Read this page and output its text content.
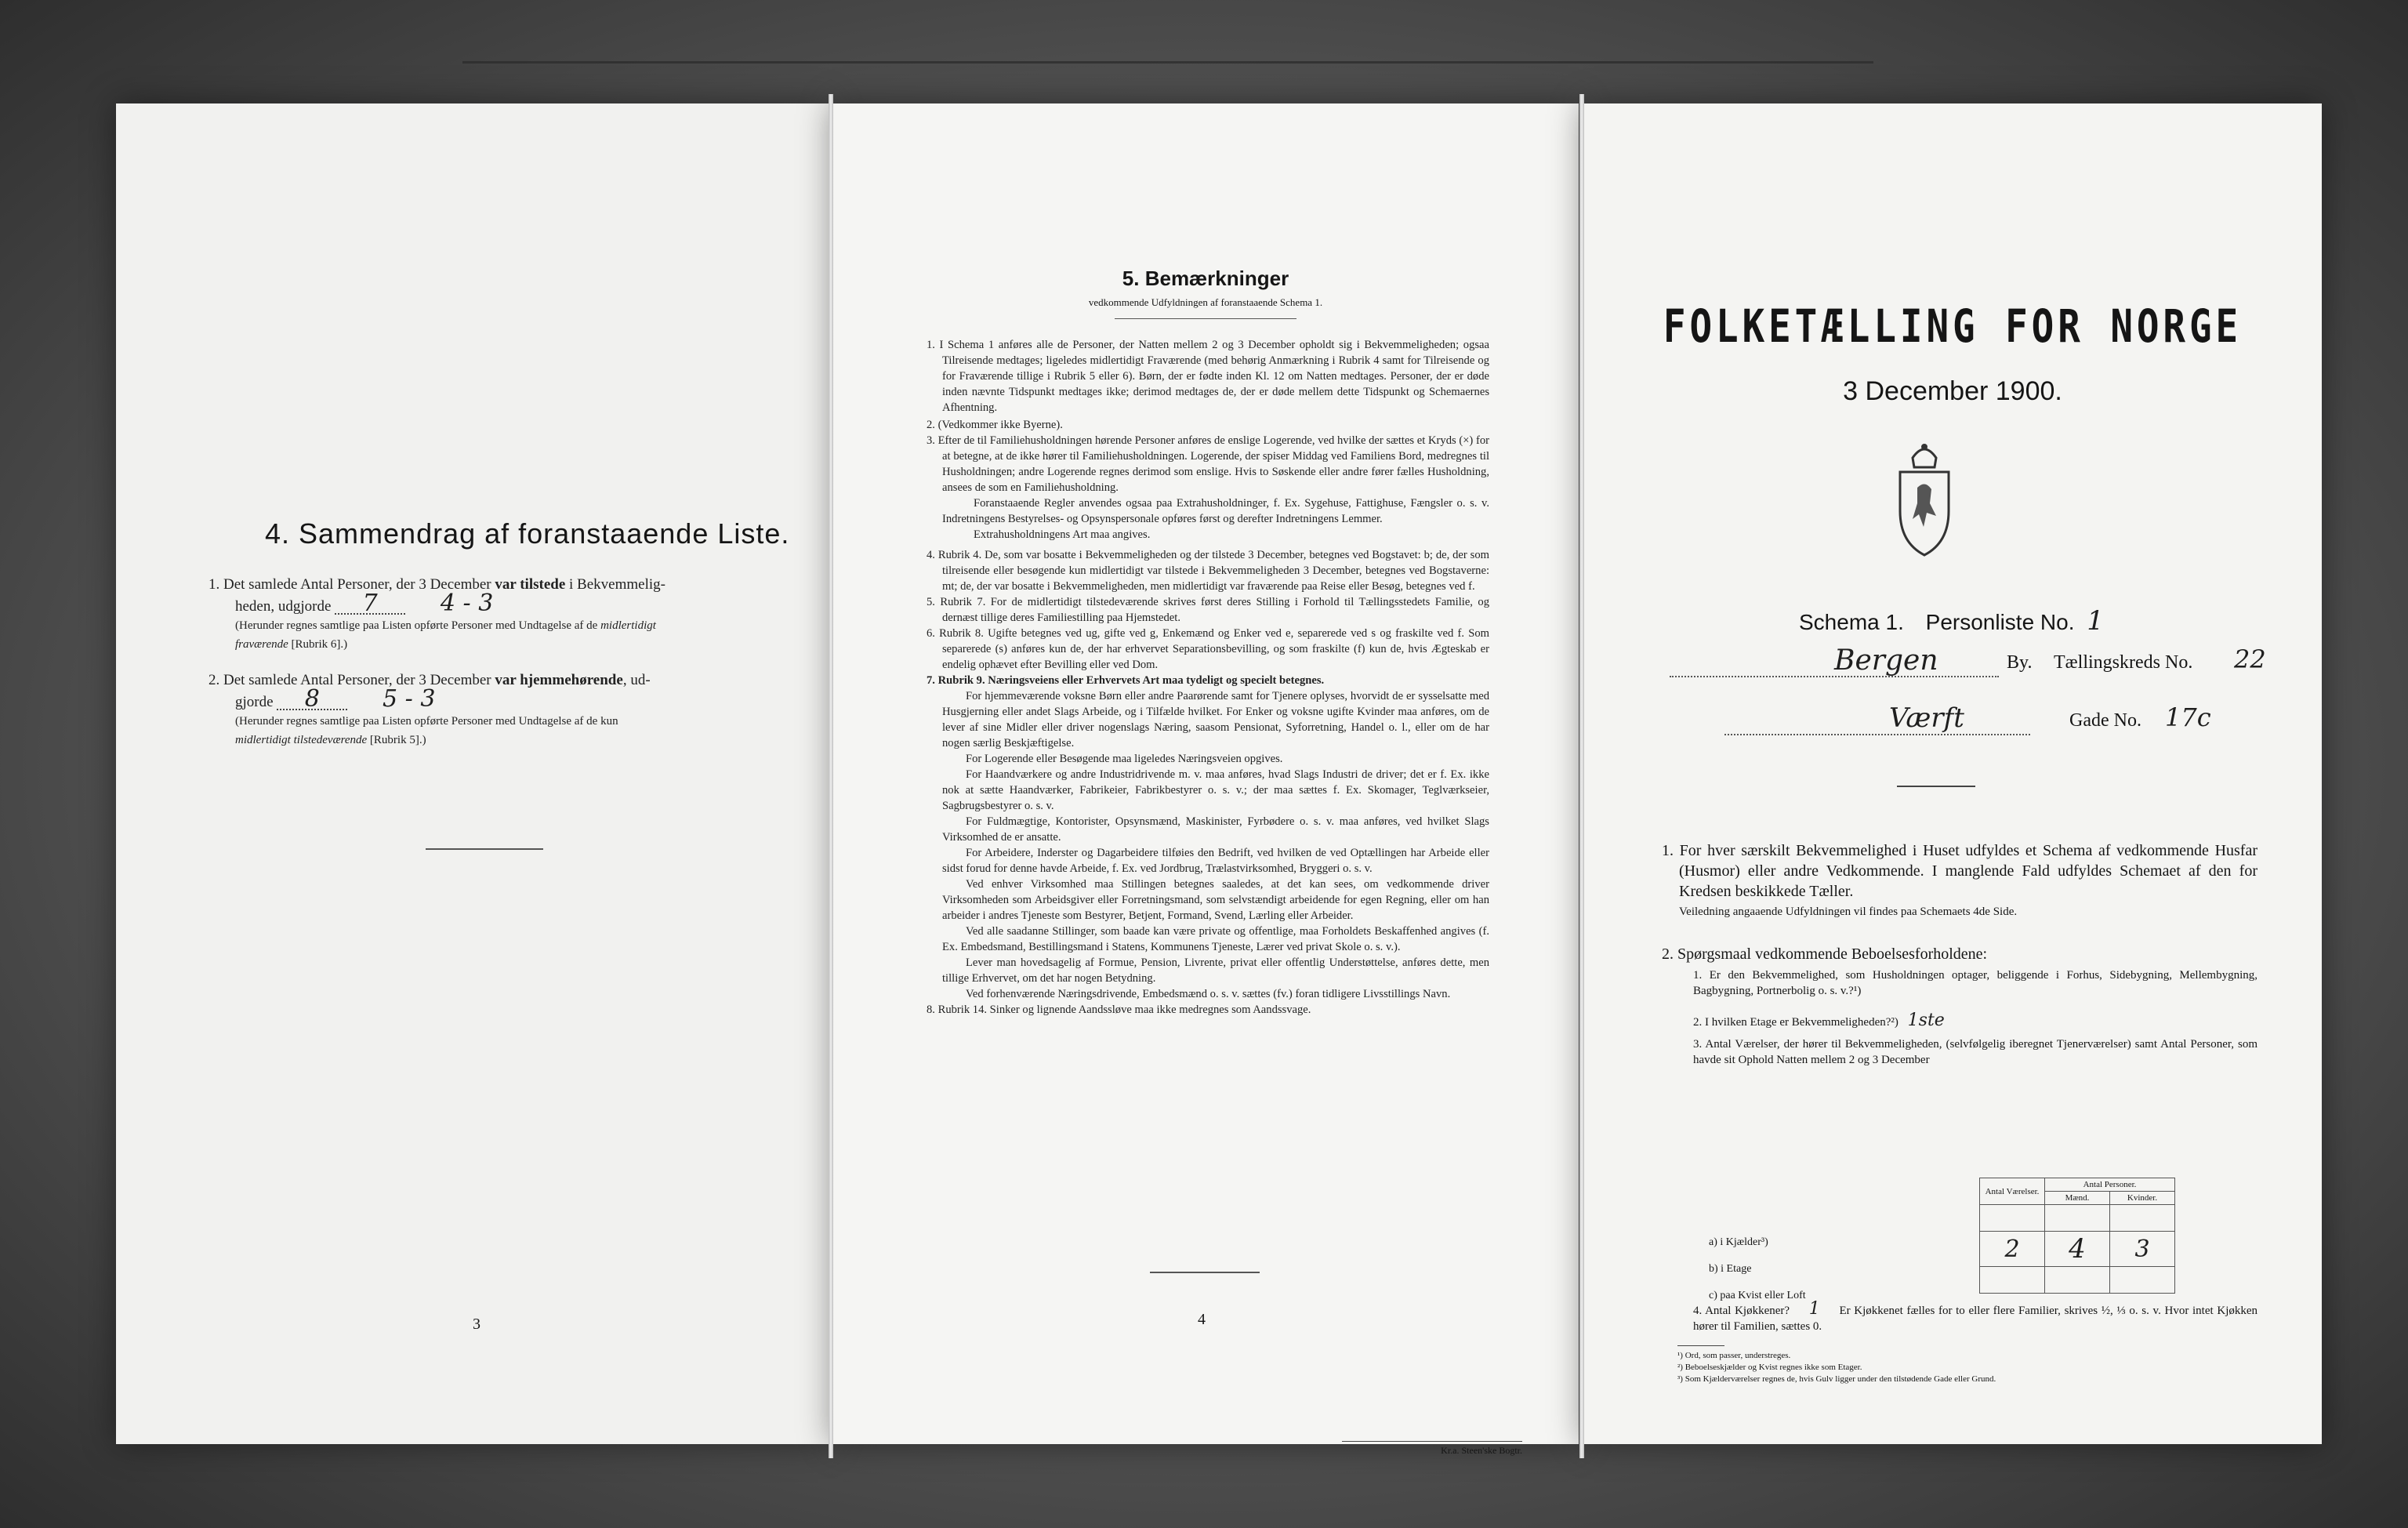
4. Sammendrag af foranstaaende Liste.
1. Det samlede Antal Personer, der 3 December var tilstede i Bekvemmelig-
heden, udgjorde 7	4 - 3
(Herunder regnes samtlige paa Listen opførte Personer med Undtagelse af de midlertidigt
fraværende [Rubrik 6].)
2. Det samlede Antal Personer, der 3 December var hjemmehørende, ud-
gjorde 8	5 - 3
(Herunder regnes samtlige paa Listen opførte Personer med Undtagelse af de kun
midlertidigt tilstedeværende [Rubrik 5].)
3
5. Bemærkninger
vedkommende Udfyldningen af foranstaaende Schema 1.
1. I Schema 1 anføres alle de Personer, der Natten mellem 2 og 3 December opholdt sig i Bekvemmeligheden; ogsaa Tilreisende medtages; ligeledes midlertidigt Fraværende (med behørig Anmærkning i Rubrik 4 samt for Tilreisende og for Fraværende tillige i Rubrik 5 eller 6). Børn, der er fødte inden Kl. 12 om Natten medtages. Personer, der er døde inden nævnte Tidspunkt medtages ikke; derimod medtages de, der er døde mellem dette Tidspunkt og Schemaernes Afhentning.
2. (Vedkommer ikke Byerne).
3. Efter de til Familiehusholdningen hørende Personer anføres de enslige Logerende, ved hvilke der sættes et Kryds (×) for at betegne, at de ikke hører til Familiehusholdningen. Logerende, der spiser Middag ved Familiens Bord, medregnes til Husholdningen; andre Logerende regnes derimod som enslige. Hvis to Søskende eller andre fører fælles Husholdning, ansees de som en Familiehusholdning.
Foranstaaende Regler anvendes ogsaa paa Extrahusholdninger, f. Ex. Sygehuse, Fattighuse, Fængsler o. s. v. Indretningens Bestyrelses- og Opsynspersonale opføres først og derefter Indretningens Lemmer.
Extrahusholdningens Art maa angives.
4. Rubrik 4. De, som var bosatte i Bekvemmeligheden og der tilstede 3 December, betegnes ved Bogstavet: b; de, der som tilreisende eller besøgende kun midlertidigt var tilstede i Bekvemmeligheden 3 December, betegnes ved Bogstaverne: mt; de, der var bosatte i Bekvemmeligheden, men midlertidigt var fraværende paa Reise eller Besøg, betegnes ved f.
5. Rubrik 7. For de midlertidigt tilstedeværende skrives først deres Stilling i Forhold til Tællingsstedets Familie, og dernæst tillige deres Familiestilling paa Hjemstedet.
6. Rubrik 8. Ugifte betegnes ved ug, gifte ved g, Enkemænd og Enker ved e, separerede ved s og fraskilte ved f. Som separerede (s) anføres kun de, der har erhvervet Separationsbevilling, og som fraskilte (f) kun de, hvis Ægteskab er endelig ophævet efter Bevilling eller ved Dom.
7. Rubrik 9. Næringsveiens eller Erhvervets Art maa tydeligt og specielt betegnes.
For hjemmeværende voksne Børn eller andre Paarørende samt for Tjenere oplyses, hvorvidt de er sysselsatte med Husgjerning eller andet Slags Arbeide, og i Tilfælde hvilket. For Enker og voksne ugifte Kvinder maa anføres, om de lever af sine Midler eller driver nogenslags Næring, saasom Pensionat, Syforretning, Handel o. l., eller om de har nogen særlig Beskjæftigelse.
For Logerende eller Besøgende maa ligeledes Næringsveien opgives.
For Haandværkere og andre Industridrivende m. v. maa anføres, hvad Slags Industri de driver; det er f. Ex. ikke nok at sætte Haandværker, Fabrikeier, Fabrikbestyrer o. s. v.; der maa sættes f. Ex. Skomager, Teglværkseier, Sagbrugsbestyrer o. s. v.
For Fuldmægtige, Kontorister, Opsynsmænd, Maskinister, Fyrbødere o. s. v. maa anføres, ved hvilket Slags Virksomhed de er ansatte.
For Arbeidere, Inderster og Dagarbeidere tilføies den Bedrift, ved hvilken de ved Optællingen har Arbeide eller sidst forud for denne havde Arbeide, f. Ex. ved Jordbrug, Trælastvirksomhed, Bryggeri o. s. v.
Ved enhver Virksomhed maa Stillingen betegnes saaledes, at det kan sees, om vedkommende driver Virksomheden som Arbeidsgiver eller Forretningsmand, som selvstændigt arbeidende for egen Regning, eller om han arbeider i andres Tjeneste som Bestyrer, Betjent, Formand, Svend, Lærling eller Arbeider.
Ved alle saadanne Stillinger, som baade kan være private og offentlige, maa Forholdets Beskaffenhed angives (f. Ex. Embedsmand, Bestillingsmand i Statens, Kommunens Tjeneste, Lærer ved privat Skole o. s. v.).
Lever man hovedsagelig af Formue, Pension, Livrente, privat eller offentlig Understøttelse, anføres dette, men tillige Erhvervet, om det har nogen Betydning.
Ved forhenværende Næringsdrivende, Embedsmænd o. s. v. sættes (fv.) foran tidligere Livsstillings Navn.
8. Rubrik 14. Sinker og lignende Aandssløve maa ikke medregnes som Aandssvage.
4
Kr.a. Steen'ske Bogtr.
FOLKETÆLLING FOR NORGE
3 December 1900.
Schema 1. Personliste No. 1
Bergen	By. Tællingskreds No. 22
Værft	Gade No. 17c
1. For hver særskilt Bekvemmelighed i Huset udfyldes et Schema af vedkommende Husfar (Husmor) eller andre Vedkommende. I manglende Fald udfyldes Schemaet af den for Kredsen beskikkede Tæller.
Veiledning angaaende Udfyldningen vil findes paa Schemaets 4de Side.
2. Spørgsmaal vedkommende Beboelsesforholdene:
1. Er den Bekvemmelighed, som Husholdningen optager, beliggende i Forhus, Sidebygning, Mellembygning, Bagbygning, Portnerbolig o. s. v.?¹)
2. I hvilken Etage er Bekvemmeligheden?²) 1ste
3. Antal Værelser, der hører til Bekvemmeligheden, (selvfølgelig iberegnet Tjenerværelser) samt Antal Personer, som havde sit Ophold Natten mellem 2 og 3 December
a) i Kjælder³)
b) i Etage
c) paa Kvist eller Loft
Antal Værelser.	Antal Personer.	
	Mænd.	Kvinder.

2	4	3

4. Antal Kjøkkener? 1 Er Kjøkkenet fælles for to eller flere Familier, skrives ½, ⅓ o. s. v. Hvor intet Kjøkken hører til Familien, sættes 0.
¹) Ord, som passer, understreges.
²) Beboelseskjælder og Kvist regnes ikke som Etager.
³) Som Kjælderværelser regnes de, hvis Gulv ligger under den tilstødende Gade eller Grund.
